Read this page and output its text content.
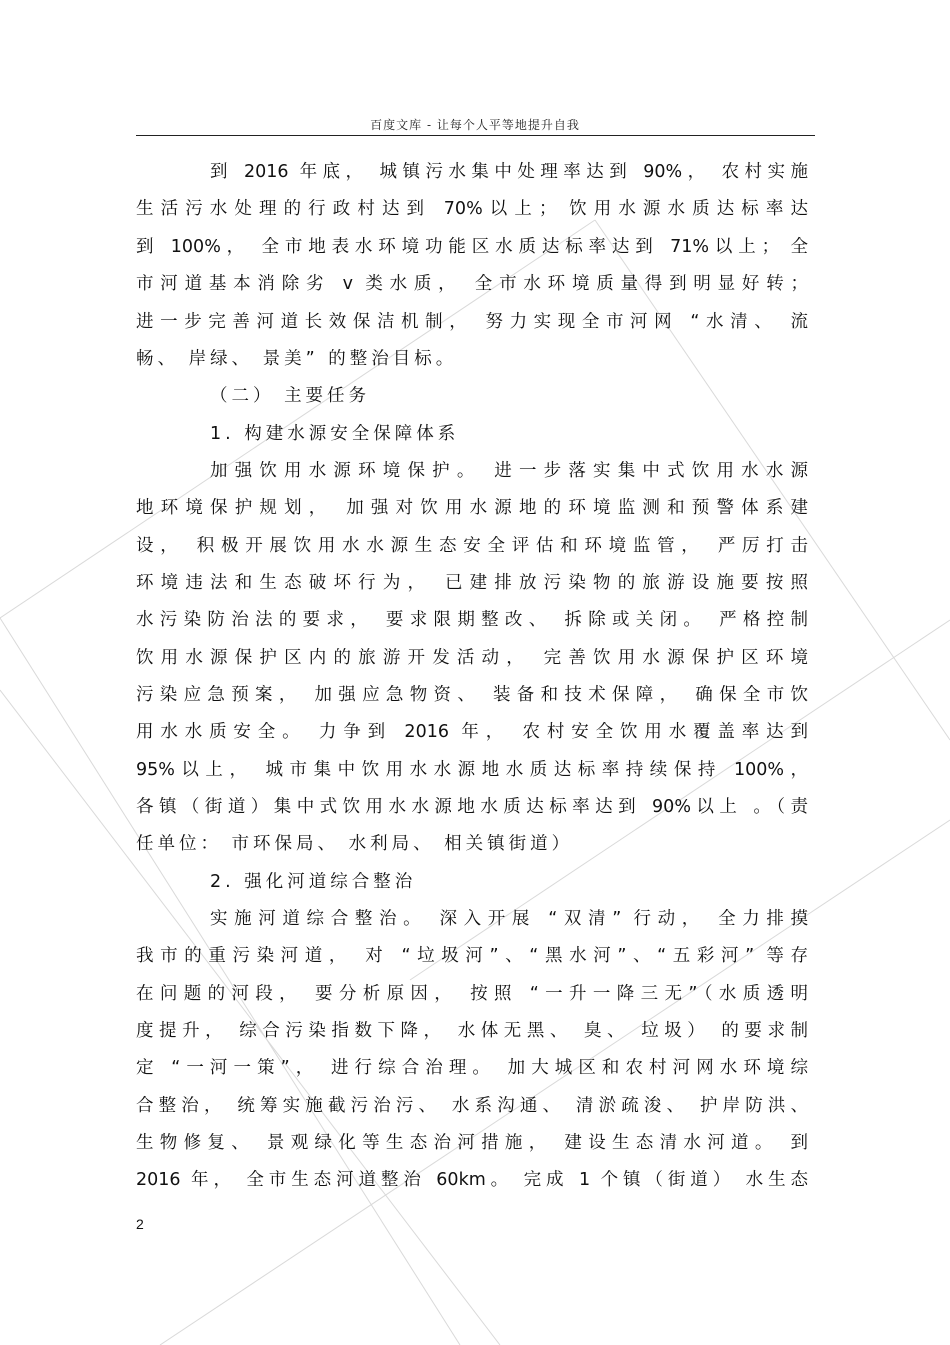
百度文库 - 让每个人平等地提升自我
到 2016 年底， 城镇污水集中处理率达到 90%， 农村实施
生活污水处理的行政村达到 70%以上； 饮用水源水质达标率达
到 100%， 全市地表水环境功能区水质达标率达到 71%以上； 全
市河道基本消除劣 v 类水质， 全市水环境质量得到明显好转；
进一步完善河道长效保洁机制， 努力实现全市河网 “水清、 流
畅、 岸绿、 景美” 的整治目标。
（二） 主要任务
1. 构建水源安全保障体系
加强饮用水源环境保护。 进一步落实集中式饮用水水源
地环境保护规划， 加强对饮用水源地的环境监测和预警体系建
设， 积极开展饮用水水源生态安全评估和环境监管， 严厉打击
环境违法和生态破坏行为， 已建排放污染物的旅游设施要按照
水污染防治法的要求， 要求限期整改、 拆除或关闭。 严格控制
饮用水源保护区内的旅游开发活动， 完善饮用水源保护区环境
污染应急预案， 加强应急物资、 装备和技术保障， 确保全市饮
用水水质安全。 力争到 2016 年， 农村安全饮用水覆盖率达到
95%以上， 城市集中饮用水水源地水质达标率持续保持 100%，
各镇（街道）集中式饮用水水源地水质达标率达到 90%以上 。（责
任单位： 市环保局、 水利局、 相关镇街道）
2. 强化河道综合整治
实施河道综合整治。 深入开展 “双清” 行动， 全力排摸
我市的重污染河道， 对 “垃圾河”、“黑水河”、“五彩河” 等存
在问题的河段， 要分析原因， 按照 “一升一降三无”（水质透明
度提升， 综合污染指数下降， 水体无黑、 臭、 垃圾） 的要求制
定 “一河一策”， 进行综合治理。 加大城区和农村河网水环境综
合整治， 统筹实施截污治污、 水系沟通、 清淤疏浚、 护岸防洪、
生物修复、 景观绿化等生态治河措施， 建设生态清水河道。 到
2016 年， 全市生态河道整治 60km。 完成 1 个镇（街道） 水生态
2
